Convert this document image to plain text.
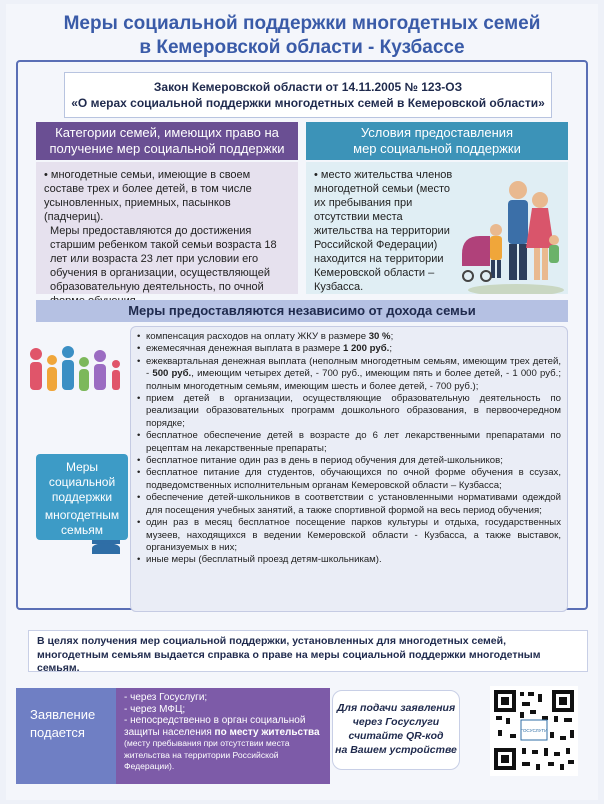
Меры социальной поддержки многодетных семей
в Кемеровской области - Кузбассе
Закон Кемеровской области от 14.11.2005 № 123-ОЗ
«О мерах социальной поддержки многодетных семей в Кемеровской области»
Категории семей, имеющих право на
получение мер социальной поддержки
Условия предоставления
мер социальной поддержки
• многодетные семьи, имеющие в своем составе трех и более детей, в том числе усыновленных, приемных, пасынков (падчериц).
Меры предоставляются до достижения старшим ребенком такой семьи возраста 18 лет или возраста 23 лет при условии его обучения в организации, осуществляющей образовательную деятельность, по очной
• место жительства членов многодетной семьи (место их пребывания при отсутствии места жительства на территории Российской Федерации) находится на территории Кемеровской области – Кузбасса.
Меры предоставляются независимо от дохода семьи
Меры
социальной
поддержки
многодетным
семьям
• компенсация расходов на оплату ЖКУ в размере 30 %;
• ежемесячная денежная выплата в размере 1 200 руб.;
• ежеквартальная денежная выплата (неполным многодетным семьям, имеющим трех детей, - 500 руб., имеющим четырех детей, - 700 руб., имеющим пять и более детей, - 1 000 руб.; полным многодетным семьям, имеющим шесть и более детей, - 700 руб.);
• прием детей в организации, осуществляющие образовательную деятельность по реализации образовательных программ дошкольного образования, в первоочередном порядке;
• бесплатное обеспечение детей в возрасте до 6 лет лекарственными препаратами по рецептам на лекарственные препараты;
• бесплатное питание один раз в день в период обучения для детей-школьников;
• бесплатное питание для студентов, обучающихся по очной форме обучения в ссузах, подведомственных исполнительным органам Кемеровской области – Кузбасса;
• обеспечение детей-школьников в соответствии с установленными нормативами одеждой для посещения учебных занятий, а также спортивной формой на весь период обучения;
• один раз в месяц бесплатное посещение парков культуры и отдыха, государственных музеев, находящихся в ведении Кемеровской области - Кузбасса, а также выставок, организуемых в них;
• иные меры (бесплатный проезд детям-школьникам).
В целях получения мер социальной поддержки, установленных для многодетных семей, многодетным семьям выдается справка о праве на меры социальной поддержки многодетным семьям.
Заявление
подается
- через Госуслуги;
- через МФЦ;
- непосредственно в орган социальной защиты населения по месту жительства (месту пребывания при отсутствии места жительства на территории Российской Федерации).
Для подачи заявления
через Госуслуги
считайте QR-код
на Вашем устройстве
ГОСУСЛУГИ
